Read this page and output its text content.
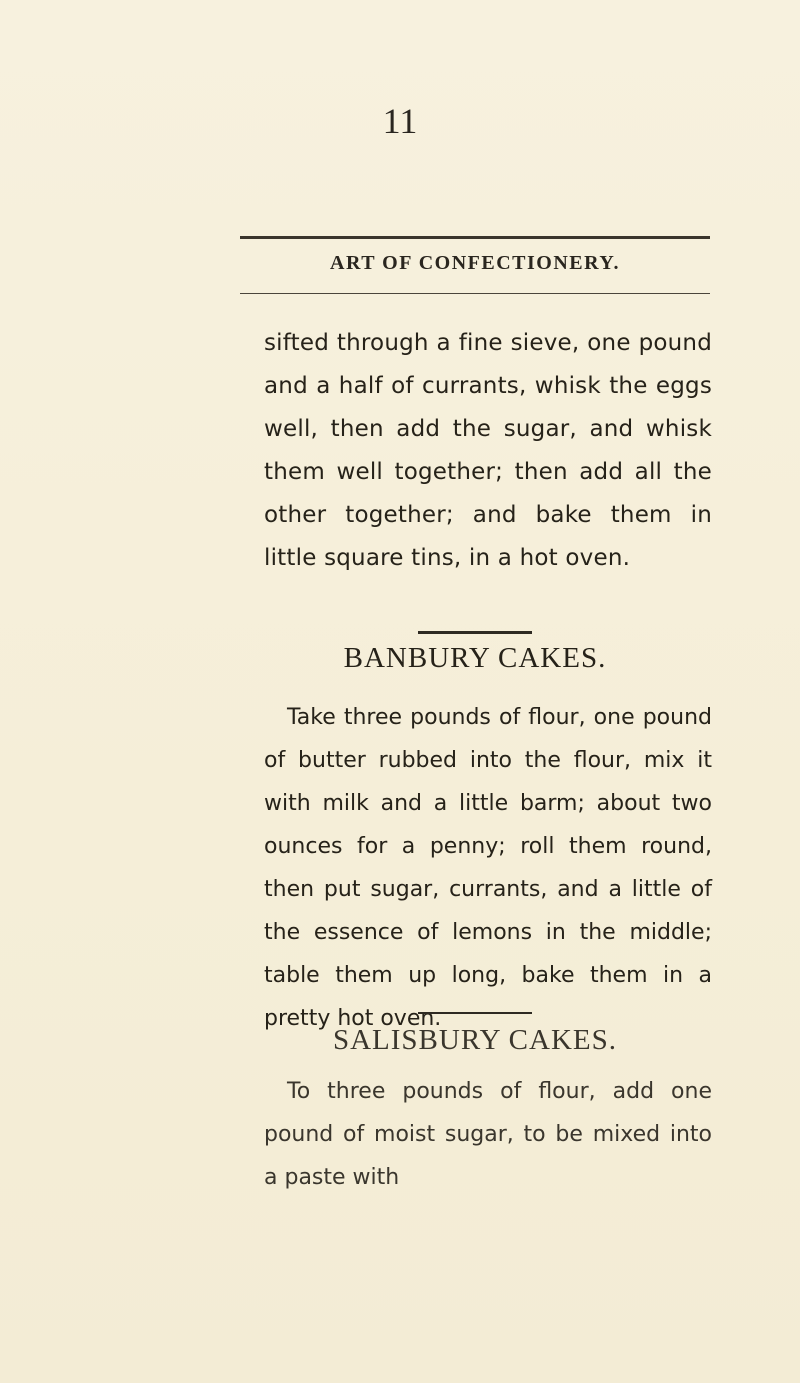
11
ART OF CONFECTIONERY.

sifted through a fine sieve, one pound and a half of currants, whisk the eggs well, then add the sugar, and whisk them well together; then add all the other together; and bake them in little square tins, in a hot oven.

BANBURY CAKES.

Take three pounds of flour, one pound of butter rubbed into the flour, mix it with milk and a little barm; about two ounces for a penny; roll them round, then put sugar, currants, and a little of the essence of lemons in the middle; table them up long, bake them in a pretty hot oven.

SALISBURY CAKES.

To three pounds of flour, add one pound of moist sugar, to be mixed into a paste with
